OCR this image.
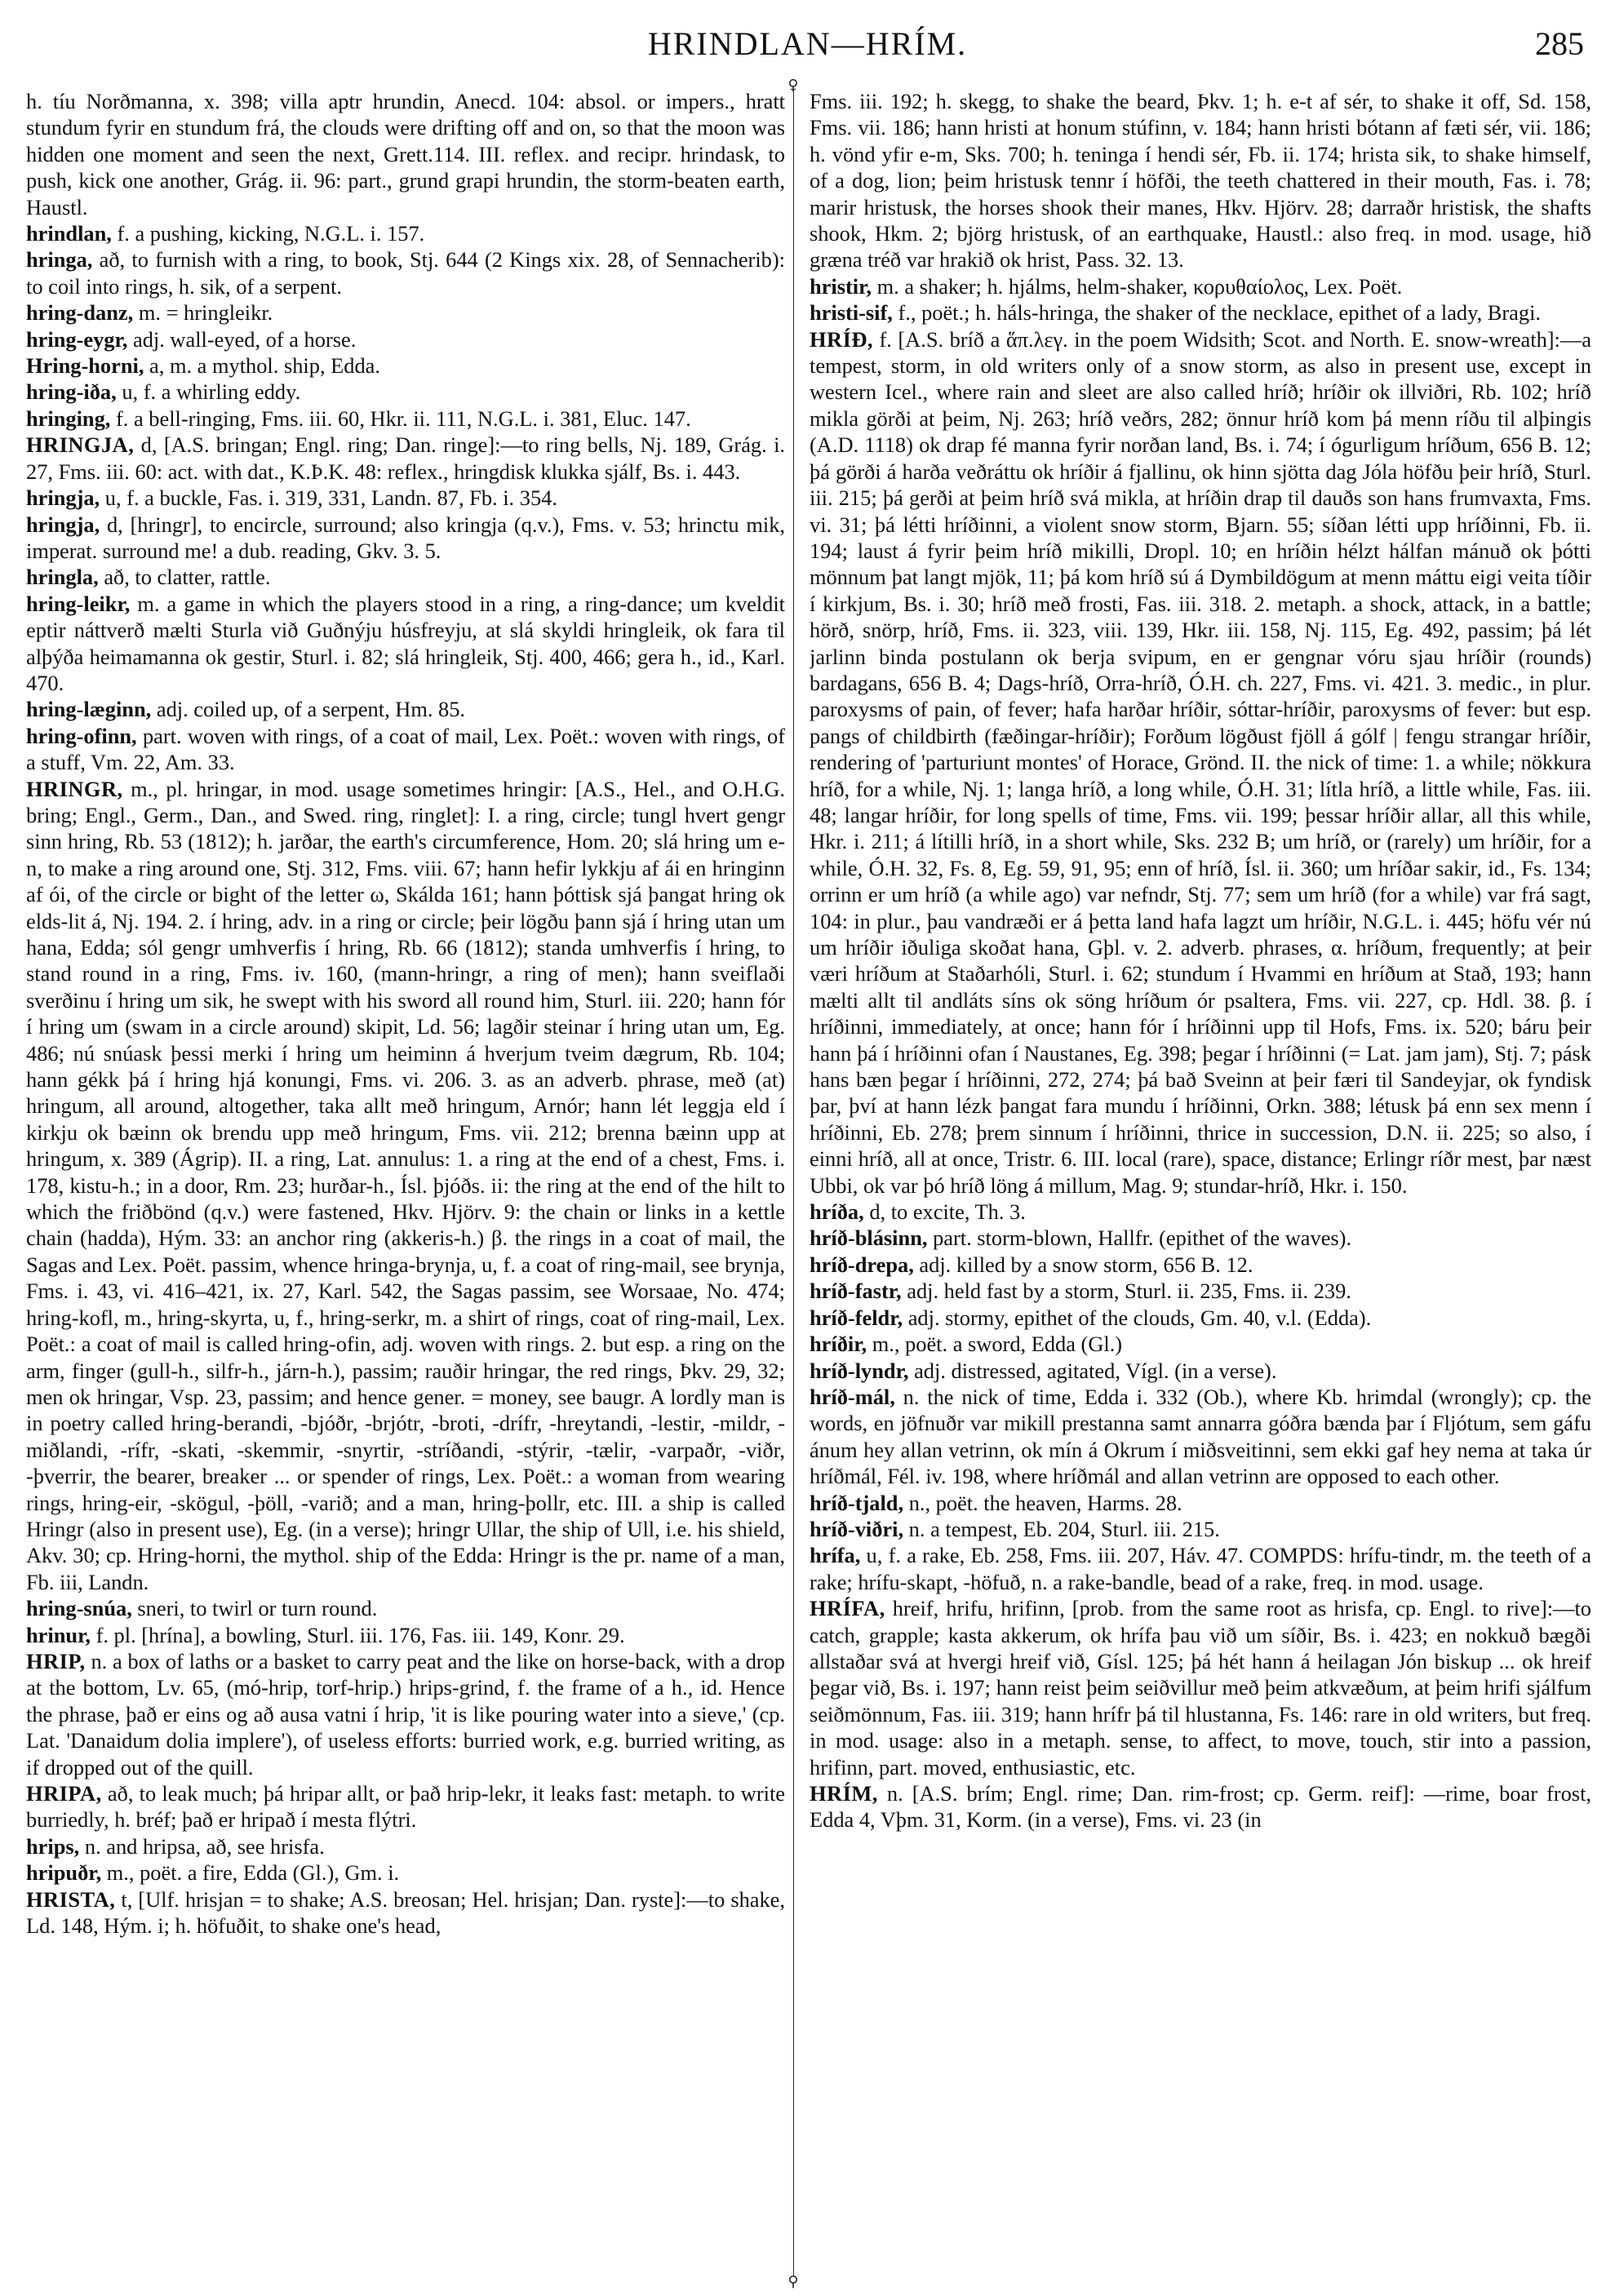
HRINDLAN—HRÍM.	285
♀
⚲

h. tíu Norðmanna, x. 398; villa aptr hrundin, Anecd. 104: absol. or impers., hratt stundum fyrir en stundum frá, the clouds were drifting off and on, so that the moon was hidden one moment and seen the next, Grett.114. III. reflex. and recipr. hrindask, to push, kick one another, Grág. ii. 96: part., grund grapi hrundin, the storm-beaten earth, Haustl.

hrindlan, f. a pushing, kicking, N.G.L. i. 157.

hringa, að, to furnish with a ring, to book, Stj. 644 (2 Kings xix. 28, of Sennacherib): to coil into rings, h. sik, of a serpent.

hring-danz, m. = hringleikr.

hring-eygr, adj. wall-eyed, of a horse.

Hring-horni, a, m. a mythol. ship, Edda.

hring-iða, u, f. a whirling eddy.

hringing, f. a bell-ringing, Fms. iii. 60, Hkr. ii. 111, N.G.L. i. 381, Eluc. 147.

HRINGJA, d, [A.S. bringan; Engl. ring; Dan. ringe]:—to ring bells, Nj. 189, Grág. i. 27, Fms. iii. 60: act. with dat., K.Þ.K. 48: reflex., hringdisk klukka sjálf, Bs. i. 443.

hringja, u, f. a buckle, Fas. i. 319, 331, Landn. 87, Fb. i. 354.

hringja, d, [hringr], to encircle, surround; also kringja (q.v.), Fms. v. 53; hrinctu mik, imperat. surround me! a dub. reading, Gkv. 3. 5.

hringla, að, to clatter, rattle.

hring-leikr, m. a game in which the players stood in a ring, a ring-dance; um kveldit eptir náttverð mælti Sturla við Guðnýju húsfreyju, at slá skyldi hringleik, ok fara til alþýða heimamanna ok gestir, Sturl. i. 82; slá hringleik, Stj. 400, 466; gera h., id., Karl. 470.

hring-læginn, adj. coiled up, of a serpent, Hm. 85.

hring-ofinn, part. woven with rings, of a coat of mail, Lex. Poët.: woven with rings, of a stuff, Vm. 22, Am. 33.

HRINGR, m., pl. hringar, in mod. usage sometimes hringir: [A.S., Hel., and O.H.G. bring; Engl., Germ., Dan., and Swed. ring, ringlet]: I. a ring, circle; tungl hvert gengr sinn hring, Rb. 53 (1812); h. jarðar, the earth's circumference, Hom. 20; slá hring um e-n, to make a ring around one, Stj. 312, Fms. viii. 67; hann hefir lykkju af ái en hringinn af ói, of the circle or bight of the letter ω, Skálda 161; hann þóttisk sjá þangat hring ok elds-lit á, Nj. 194. 2. í hring, adv. in a ring or circle; þeir lögðu þann sjá í hring utan um hana, Edda; sól gengr umhverfis í hring, Rb. 66 (1812); standa umhverfis í hring, to stand round in a ring, Fms. iv. 160, (mann-hringr, a ring of men); hann sveiflaði sverðinu í hring um sik, he swept with his sword all round him, Sturl. iii. 220; hann fór í hring um (swam in a circle around) skipit, Ld. 56; lagðir steinar í hring utan um, Eg. 486; nú snúask þessi merki í hring um heiminn á hverjum tveim dægrum, Rb. 104; hann gékk þá í hring hjá konungi, Fms. vi. 206. 3. as an adverb. phrase, með (at) hringum, all around, altogether, taka allt með hringum, Arnór; hann lét leggja eld í kirkju ok bæinn ok brendu upp með hringum, Fms. vii. 212; brenna bæinn upp at hringum, x. 389 (Ágrip). II. a ring, Lat. annulus: 1. a ring at the end of a chest, Fms. i. 178, kistu-h.; in a door, Rm. 23; hurðar-h., Ísl. þjóðs. ii: the ring at the end of the hilt to which the friðbönd (q.v.) were fastened, Hkv. Hjörv. 9: the chain or links in a kettle chain (hadda), Hým. 33: an anchor ring (akkeris-h.) β. the rings in a coat of mail, the Sagas and Lex. Poët. passim, whence hringa-brynja, u, f. a coat of ring-mail, see brynja, Fms. i. 43, vi. 416–421, ix. 27, Karl. 542, the Sagas passim, see Worsaae, No. 474; hring-kofl, m., hring-skyrta, u, f., hring-serkr, m. a shirt of rings, coat of ring-mail, Lex. Poët.: a coat of mail is called hring-ofin, adj. woven with rings. 2. but esp. a ring on the arm, finger (gull-h., silfr-h., járn-h.), passim; rauðir hringar, the red rings, Þkv. 29, 32; men ok hringar, Vsp. 23, passim; and hence gener. = money, see baugr. A lordly man is in poetry called hring-berandi, -bjóðr, -brjótr, -broti, -drífr, -hreytandi, -lestir, -mildr, -miðlandi, -rífr, -skati, -skemmir, -snyrtir, -stríðandi, -stýrir, -tælir, -varpaðr, -viðr, -þverrir, the bearer, breaker ... or spender of rings, Lex. Poët.: a woman from wearing rings, hring-eir, -skögul, -þöll, -varið; and a man, hring-þollr, etc. III. a ship is called Hringr (also in present use), Eg. (in a verse); hringr Ullar, the ship of Ull, i.e. his shield, Akv. 30; cp. Hring-horni, the mythol. ship of the Edda: Hringr is the pr. name of a man, Fb. iii, Landn.

hring-snúa, sneri, to twirl or turn round.

hrinur, f. pl. [hrína], a bowling, Sturl. iii. 176, Fas. iii. 149, Konr. 29.

HRIP, n. a box of laths or a basket to carry peat and the like on horse-back, with a drop at the bottom, Lv. 65, (mó-hrip, torf-hrip.) hrips-grind, f. the frame of a h., id. Hence the phrase, það er eins og að ausa vatni í hrip, 'it is like pouring water into a sieve,' (cp. Lat. 'Danaidum dolia implere'), of useless efforts: burried work, e.g. burried writing, as if dropped out of the quill.

HRIPA, að, to leak much; þá hripar allt, or það hrip-lekr, it leaks fast: metaph. to write burriedly, h. bréf; það er hripað í mesta flýtri.

hrips, n. and hripsa, að, see hrisfa.

hripuðr, m., poët. a fire, Edda (Gl.), Gm. i.

HRISTA, t, [Ulf. hrisjan = to shake; A.S. breosan; Hel. hrisjan; Dan. ryste]:—to shake, Ld. 148, Hým. i; h. höfuðit, to shake one's head,

Fms. iii. 192; h. skegg, to shake the beard, Þkv. 1; h. e-t af sér, to shake it off, Sd. 158, Fms. vii. 186; hann hristi at honum stúfinn, v. 184; hann hristi bótann af fæti sér, vii. 186; h. vönd yfir e-m, Sks. 700; h. teninga í hendi sér, Fb. ii. 174; hrista sik, to shake himself, of a dog, lion; þeim hristusk tennr í höfði, the teeth chattered in their mouth, Fas. i. 78; marir hristusk, the horses shook their manes, Hkv. Hjörv. 28; darraðr hristisk, the shafts shook, Hkm. 2; björg hristusk, of an earthquake, Haustl.: also freq. in mod. usage, hið græna tréð var hrakið ok hrist, Pass. 32. 13.

hristir, m. a shaker; h. hjálms, helm-shaker, κορυθαίολος, Lex. Poët.

hristi-sif, f., poët.; h. háls-hringa, the shaker of the necklace, epithet of a lady, Bragi.

HRÍÐ, f. [A.S. bríð a ἅπ.λεγ. in the poem Widsith; Scot. and North. E. snow-wreath]:—a tempest, storm, in old writers only of a snow storm, as also in present use, except in western Icel., where rain and sleet are also called hríð; hríðir ok illviðri, Rb. 102; hríð mikla görði at þeim, Nj. 263; hríð veðrs, 282; önnur hríð kom þá menn ríðu til alþingis (A.D. 1118) ok drap fé manna fyrir norðan land, Bs. i. 74; í ógurligum hríðum, 656 B. 12; þá görði á harða veðráttu ok hríðir á fjallinu, ok hinn sjötta dag Jóla höfðu þeir hríð, Sturl. iii. 215; þá gerði at þeim hríð svá mikla, at hríðin drap til dauðs son hans frumvaxta, Fms. vi. 31; þá létti hríðinni, a violent snow storm, Bjarn. 55; síðan létti upp hríðinni, Fb. ii. 194; laust á fyrir þeim hríð mikilli, Dropl. 10; en hríðin hélzt hálfan mánuð ok þótti mönnum þat langt mjök, 11; þá kom hríð sú á Dymbildögum at menn máttu eigi veita tíðir í kirkjum, Bs. i. 30; hríð með frosti, Fas. iii. 318. 2. metaph. a shock, attack, in a battle; hörð, snörp, hríð, Fms. ii. 323, viii. 139, Hkr. iii. 158, Nj. 115, Eg. 492, passim; þá lét jarlinn binda postulann ok berja svipum, en er gengnar vóru sjau hríðir (rounds) bardagans, 656 B. 4; Dags-hríð, Orra-hríð, Ó.H. ch. 227, Fms. vi. 421. 3. medic., in plur. paroxysms of pain, of fever; hafa harðar hríðir, sóttar-hríðir, paroxysms of fever: but esp. pangs of childbirth (fæðingar-hríðir); Forðum lögðust fjöll á gólf | fengu strangar hríðir, rendering of 'parturiunt montes' of Horace, Grönd. II. the nick of time: 1. a while; nökkura hríð, for a while, Nj. 1; langa hríð, a long while, Ó.H. 31; lítla hríð, a little while, Fas. iii. 48; langar hríðir, for long spells of time, Fms. vii. 199; þessar hríðir allar, all this while, Hkr. i. 211; á lítilli hríð, in a short while, Sks. 232 B; um hríð, or (rarely) um hríðir, for a while, Ó.H. 32, Fs. 8, Eg. 59, 91, 95; enn of hríð, Ísl. ii. 360; um hríðar sakir, id., Fs. 134; orrinn er um hríð (a while ago) var nefndr, Stj. 77; sem um hríð (for a while) var frá sagt, 104: in plur., þau vandræði er á þetta land hafa lagzt um hríðir, N.G.L. i. 445; höfu vér nú um hríðir iðuliga skoðat hana, Gþl. v. 2. adverb. phrases, α. hríðum, frequently; at þeir væri hríðum at Staðarhóli, Sturl. i. 62; stundum í Hvammi en hríðum at Stað, 193; hann mælti allt til andláts síns ok söng hríðum ór psaltera, Fms. vii. 227, cp. Hdl. 38. β. í hríðinni, immediately, at once; hann fór í hríðinni upp til Hofs, Fms. ix. 520; báru þeir hann þá í hríðinni ofan í Naustanes, Eg. 398; þegar í hríðinni (= Lat. jam jam), Stj. 7; pásk hans bæn þegar í hríðinni, 272, 274; þá bað Sveinn at þeir færi til Sandeyjar, ok fyndisk þar, því at hann lézk þangat fara mundu í hríðinni, Orkn. 388; létusk þá enn sex menn í hríðinni, Eb. 278; þrem sinnum í hríðinni, thrice in succession, D.N. ii. 225; so also, í einni hríð, all at once, Tristr. 6. III. local (rare), space, distance; Erlingr ríðr mest, þar næst Ubbi, ok var þó hríð löng á millum, Mag. 9; stundar-hríð, Hkr. i. 150.

hríða, d, to excite, Th. 3.

hríð-blásinn, part. storm-blown, Hallfr. (epithet of the waves).

hríð-drepa, adj. killed by a snow storm, 656 B. 12.

hríð-fastr, adj. held fast by a storm, Sturl. ii. 235, Fms. ii. 239.

hríð-feldr, adj. stormy, epithet of the clouds, Gm. 40, v.l. (Edda).

hríðir, m., poët. a sword, Edda (Gl.)

hríð-lyndr, adj. distressed, agitated, Vígl. (in a verse).

hríð-mál, n. the nick of time, Edda i. 332 (Ob.), where Kb. hrimdal (wrongly); cp. the words, en jöfnuðr var mikill prestanna samt annarra góðra bænda þar í Fljótum, sem gáfu ánum hey allan vetrinn, ok mín á Okrum í miðsveitinni, sem ekki gaf hey nema at taka úr hríðmál, Fél. iv. 198, where hríðmál and allan vetrinn are opposed to each other.

hríð-tjald, n., poët. the heaven, Harms. 28.

hríð-viðri, n. a tempest, Eb. 204, Sturl. iii. 215.

hrífa, u, f. a rake, Eb. 258, Fms. iii. 207, Háv. 47. COMPDS: hrífu-tindr, m. the teeth of a rake; hrífu-skapt, -höfuð, n. a rake-bandle, bead of a rake, freq. in mod. usage.

HRÍFA, hreif, hrifu, hrifinn, [prob. from the same root as hrisfa, cp. Engl. to rive]:—to catch, grapple; kasta akkerum, ok hrífa þau við um síðir, Bs. i. 423; en nokkuð bægði allstaðar svá at hvergi hreif við, Gísl. 125; þá hét hann á heilagan Jón biskup ... ok hreif þegar við, Bs. i. 197; hann reist þeim seiðvillur með þeim atkvæðum, at þeim hrifi sjálfum seiðmönnum, Fas. iii. 319; hann hrífr þá til hlustanna, Fs. 146: rare in old writers, but freq. in mod. usage: also in a metaph. sense, to affect, to move, touch, stir into a passion, hrifinn, part. moved, enthusiastic, etc.

HRÍM, n. [A.S. brím; Engl. rime; Dan. rim-frost; cp. Germ. reif]: —rime, boar frost, Edda 4, Vþm. 31, Korm. (in a verse), Fms. vi. 23 (in
